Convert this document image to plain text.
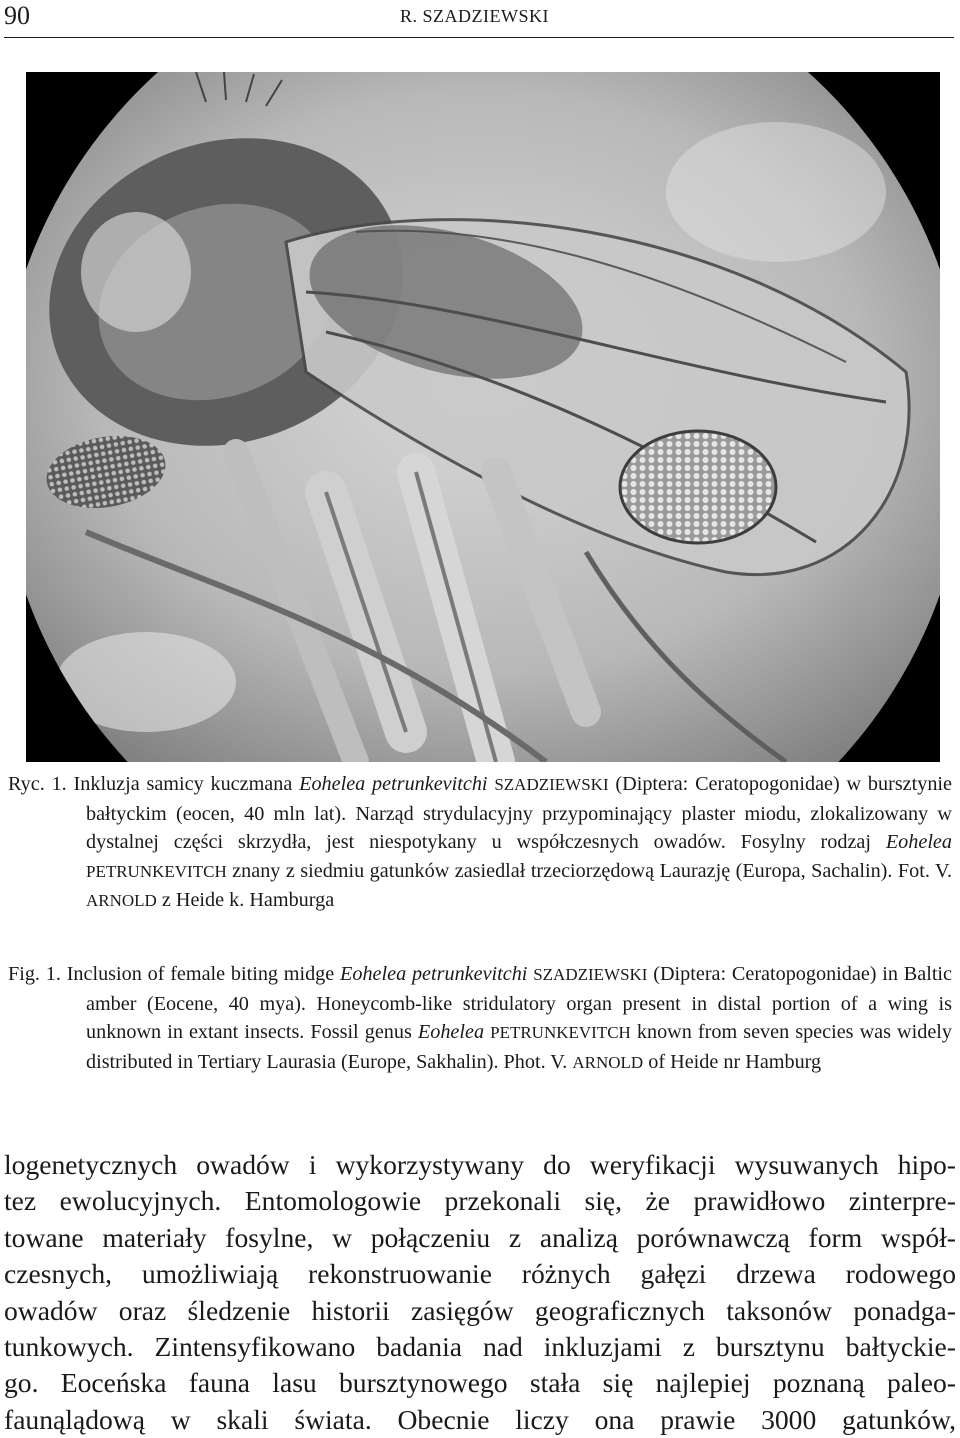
90	R. SZADZIEWSKI

Ryc. 1. Inkluzja samicy kuczmana Eohelea petrunkevitchi SZADZIEWSKI (Diptera: Ceratopogonidae) w bursztynie bałtyckim (eocen, 40 mln lat). Narząd strydulacyjny przypominający plaster miodu, zlokalizowany w dystalnej części skrzydła, jest niespotykany u współczesnych owadów. Fosylny rodzaj Eohelea PETRUNKEVITCH znany z siedmiu gatunków zasiedlał trzeciorzędową Laurazję (Europa, Sachalin). Fot. V. ARNOLD z Heide k. Hamburga

Fig. 1. Inclusion of female biting midge Eohelea petrunkevitchi SZADZIEWSKI (Diptera: Ceratopogonidae) in Baltic amber (Eocene, 40 mya). Honeycomb-like stridulatory organ present in distal portion of a wing is unknown in extant insects. Fossil genus Eohelea PETRUNKEVITCH known from seven species was widely distributed in Tertiary Laurasia (Europe, Sakhalin). Phot. V. ARNOLD of Heide nr Hamburg

logenetycznych owadów i wykorzystywany do weryfikacji wysuwanych hipo-
tez ewolucyjnych. Entomologowie przekonali się, że prawidłowo zinterpre-
towane materiały fosylne, w połączeniu z analizą porównawczą form współ-
czesnych, umożliwiają rekonstruowanie różnych gałęzi drzewa rodowego
owadów oraz śledzenie historii zasięgów geograficznych taksonów ponadga-
tunkowych. Zintensyfikowano badania nad inkluzjami z bursztynu bałtyckie-
go. Eoceńska fauna lasu bursztynowego stała się najlepiej poznaną paleo-
faunąlądową w skali świata. Obecnie liczy ona prawie 3000 gatunków,
